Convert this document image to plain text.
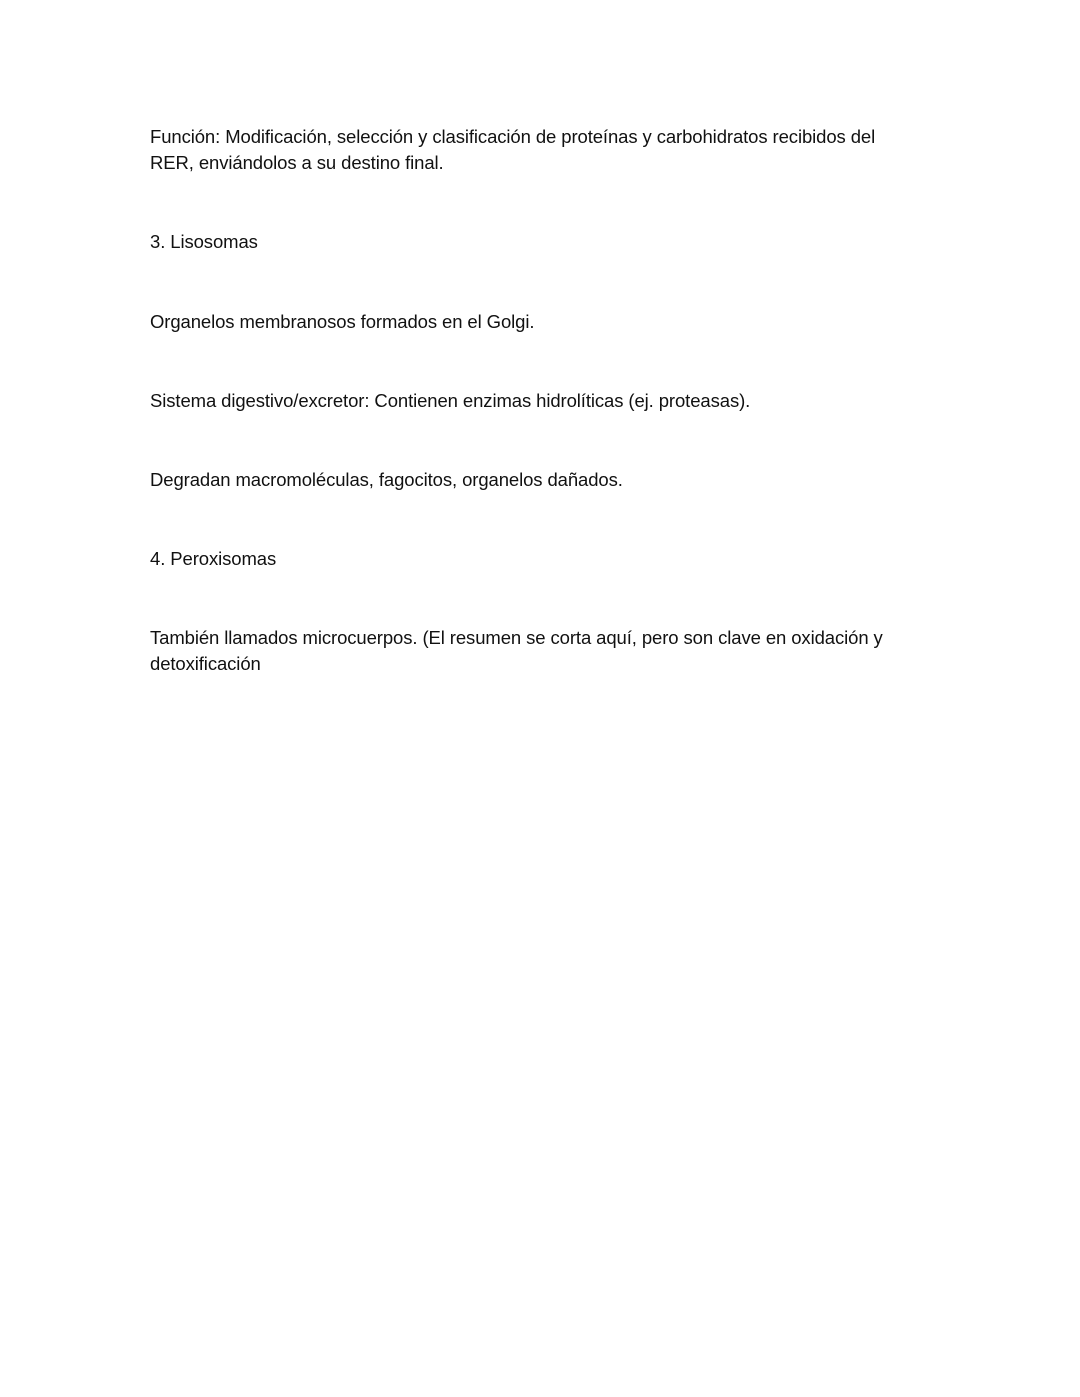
Función: Modificación, selección y clasificación de proteínas y carbohidratos recibidos del RER, enviándolos a su destino final.

3. Lisosomas

Organelos membranosos formados en el Golgi.

Sistema digestivo/excretor: Contienen enzimas hidrolíticas (ej. proteasas).

Degradan macromoléculas, fagocitos, organelos dañados.

4. Peroxisomas

También llamados microcuerpos. (El resumen se corta aquí, pero son clave en oxidación y detoxificación
